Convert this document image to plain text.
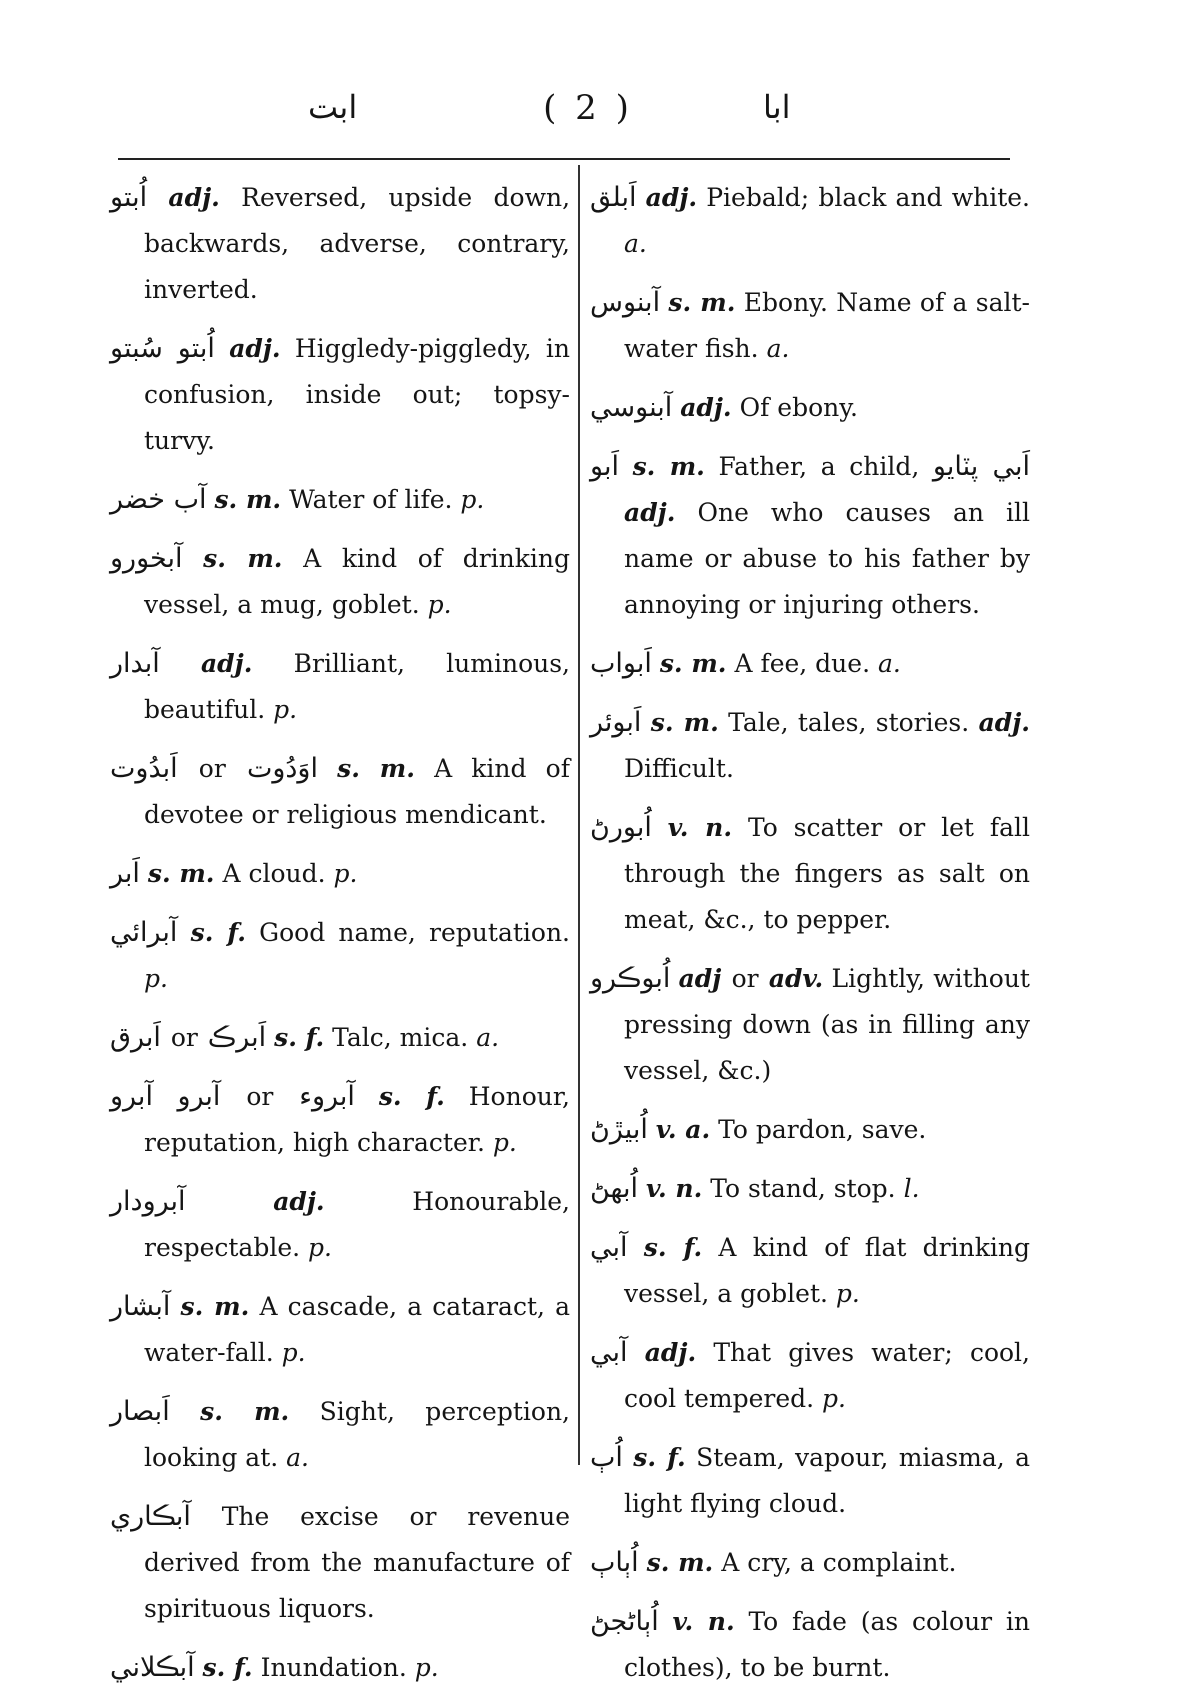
ابت	( 2 )	ابا

اُبتو adj. Reversed, upside down, backwards, adverse, contrary, inverted.

اُبتو سُبتو adj. Higgledy-piggledy, in confusion, inside out; topsy-turvy.

آب خضر s. m. Water of life. p.

آبخورو s. m. A kind of drinking vessel, a mug, goblet. p.

آبدار adj. Brilliant, luminous, beautiful. p.

اَبدُوت or اوَدُوت s. m. A kind of devotee or religious mendicant.

اَبر s. m. A cloud. p.

آبرائي s. f. Good name, reputation. p.

اَبرق or اَبرڪ s. f. Talc, mica. a.

آبرو آبرو or آبروء s. f. Honour, reputation, high character. p.

آبرودار	adj.	Honourable, respectable. p.

آبشار s. m. A cascade, a cataract, a water-fall. p.

اَبصار s. m. Sight, perception, looking at. a.

آبڪاري The excise or revenue derived from the manufacture of spirituous liquors.

آبڪلاني s. f. Inundation. p.

اَبلق adj. Piebald; black and white. a.

آبنوس s. m. Ebony. Name of a salt-water fish. a.

آبنوسي adj. Of ebony.

اَبو s. m. Father, a child, اَبي پٽايو adj. One who causes an ill name or abuse to his father by annoying or injuring others.

اَبواب s. m. A fee, due. a.

اَبوئر s. m. Tale, tales, stories. adj. Difficult.

اُبورڻ v. n. To scatter or let fall through the fingers as salt on meat, &c., to pepper.

اُبوڪرو adj or adv. Lightly, without pressing down (as in filling any vessel, &c.)

اُبيڙڻ v. a. To pardon, save.

اُبهڻ v. n. To stand, stop. l.

آبي s. f. A kind of flat drinking vessel, a goblet. p.

آبي adj. That gives water; cool, cool tempered. p.

اُٻ s. f. Steam, vapour, miasma, a light flying cloud.

اُٻاٻ s. m. A cry, a complaint.

اُٻاڻجڻ v. n. To fade (as colour in clothes), to be burnt.
